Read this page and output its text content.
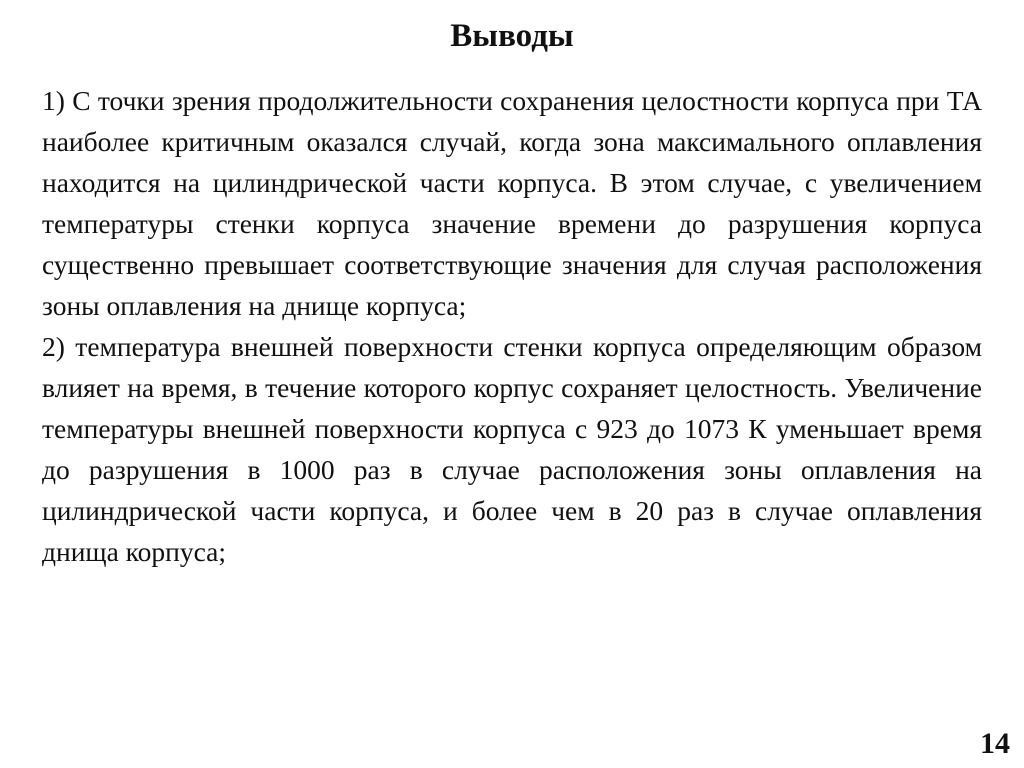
Выводы
1) С точки зрения продолжительности сохранения целостности корпуса при ТА наиболее критичным оказался случай, когда зона максимального оплавления находится на цилиндрической части корпуса. В этом случае, с увеличением температуры стенки корпуса значение времени до разрушения корпуса существенно превышает соответствующие значения для случая расположения зоны оплавления на днище корпуса;
2) температура внешней поверхности стенки корпуса определяющим образом влияет на время, в течение которого корпус сохраняет целостность. Увеличение температуры внешней поверхности корпуса с 923 до 1073 К уменьшает время до разрушения в 1000 раз в случае расположения зоны оплавления на цилиндрической части корпуса, и более чем в 20 раз в случае оплавления днища корпуса;
14
